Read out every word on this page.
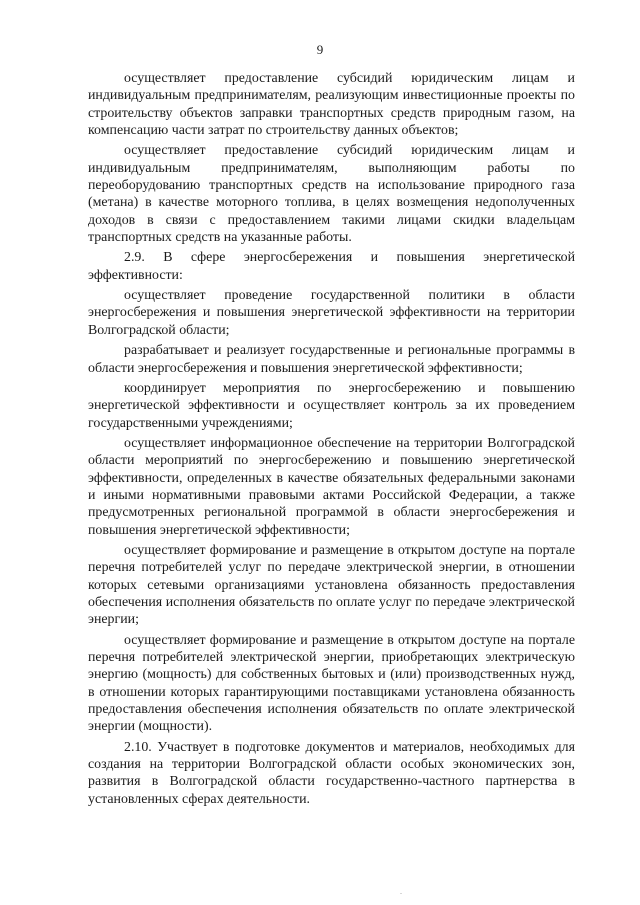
9

осуществляет предоставление субсидий юридическим лицам и индивидуальным предпринимателям, реализующим инвестиционные проекты по строительству объектов заправки транспортных средств природным газом, на компенсацию части затрат по строительству данных объектов;

осуществляет предоставление субсидий юридическим лицам и индивидуальным предпринимателям, выполняющим работы по переоборудованию транспортных средств на использование природного газа (метана) в качестве моторного топлива, в целях возмещения недополученных доходов в связи с предоставлением такими лицами скидки владельцам транспортных средств на указанные работы.

2.9. В сфере энергосбережения и повышения энергетической эффективности:

осуществляет проведение государственной политики в области энергосбережения и повышения энергетической эффективности на территории Волгоградской области;

разрабатывает и реализует государственные и региональные программы в области энергосбережения и повышения энергетической эффективности;

координирует мероприятия по энергосбережению и повышению энергетической эффективности и осуществляет контроль за их проведением государственными учреждениями;

осуществляет информационное обеспечение на территории Волгоградской области мероприятий по энергосбережению и повышению энергетической эффективности, определенных в качестве обязательных федеральными законами и иными нормативными правовыми актами Российской Федерации, а также предусмотренных региональной программой в области энергосбережения и повышения энергетической эффективности;

осуществляет формирование и размещение в открытом доступе на портале перечня потребителей услуг по передаче электрической энергии, в отношении которых сетевыми организациями установлена обязанность предоставления обеспечения исполнения обязательств по оплате услуг по передаче электрической энергии;

осуществляет формирование и размещение в открытом доступе на портале перечня потребителей электрической энергии, приобретающих электрическую энергию (мощность) для собственных бытовых и (или) производственных нужд, в отношении которых гарантирующими поставщиками установлена обязанность предоставления обеспечения исполнения обязательств по оплате электрической энергии (мощности).

2.10. Участвует в подготовке документов и материалов, необходимых для создания на территории Волгоградской области особых экономических зон, развития в Волгоградской области государственно-частного партнерства в установленных сферах деятельности.

.
